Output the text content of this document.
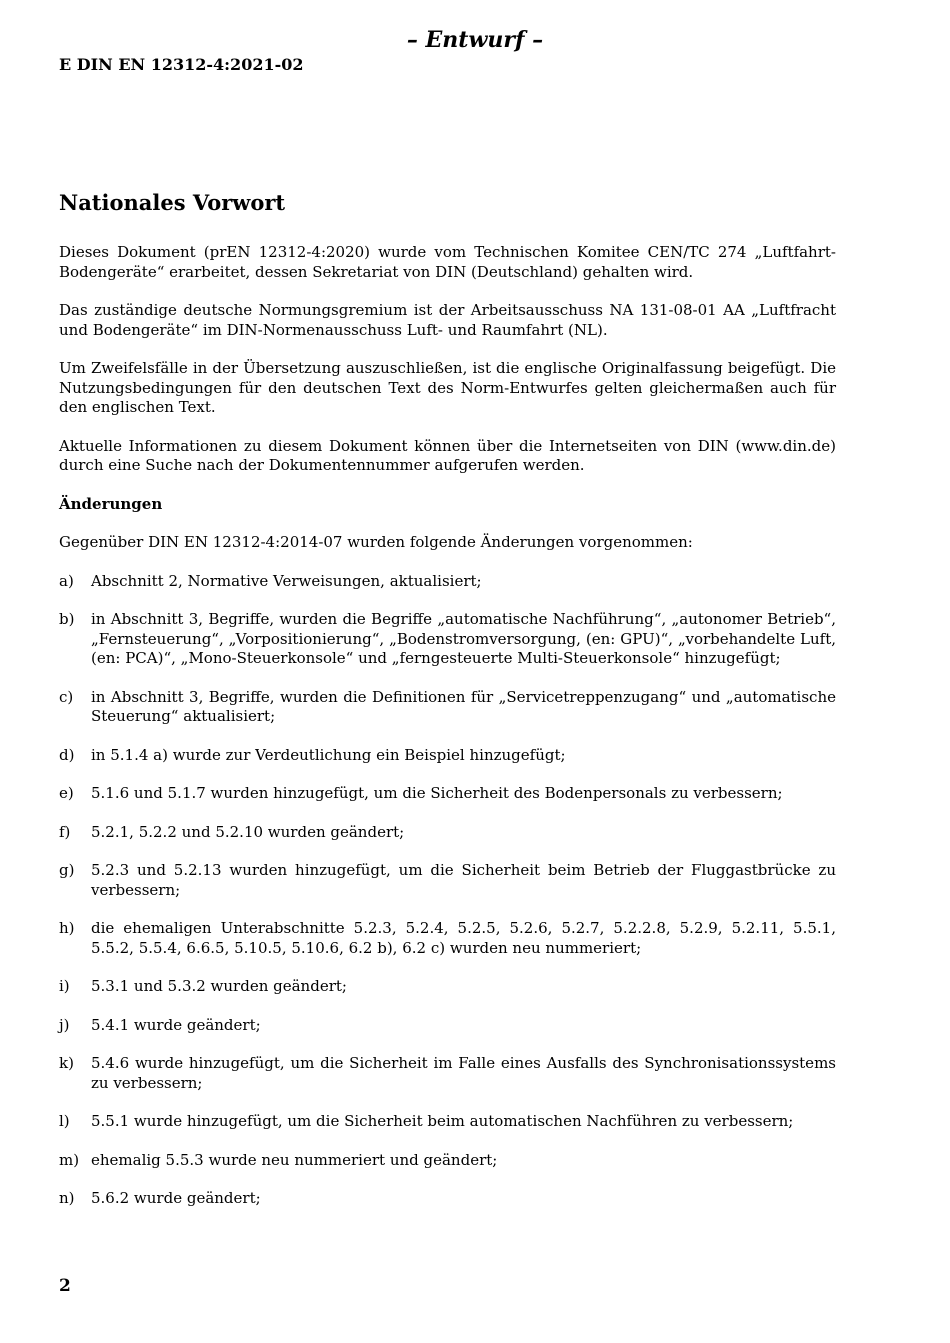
– Entwurf –
E DIN EN 12312-4:2021-02
Nationales Vorwort

Dieses Dokument (prEN 12312-4:2020) wurde vom Technischen Komitee CEN/TC 274 „Luftfahrt-Bodengeräte“ erarbeitet, dessen Sekretariat von DIN (Deutschland) gehalten wird.

Das zuständige deutsche Normungsgremium ist der Arbeitsausschuss NA 131-08-01 AA „Luftfracht und Bodengeräte“ im DIN-Normenausschuss Luft- und Raumfahrt (NL).

Um Zweifelsfälle in der Übersetzung auszuschließen, ist die englische Originalfassung beigefügt. Die Nutzungsbedingungen für den deutschen Text des Norm-Entwurfes gelten gleichermaßen auch für den englischen Text.

Aktuelle Informationen zu diesem Dokument können über die Internetseiten von DIN (www.din.de) durch eine Suche nach der Dokumentennummer aufgerufen werden.

Änderungen

Gegenüber DIN EN 12312-4:2014-07 wurden folgende Änderungen vorgenommen:

a)	Abschnitt 2, Normative Verweisungen, aktualisiert;
b)	in Abschnitt 3, Begriffe, wurden die Begriffe „automatische Nachführung“, „autonomer Betrieb“, „Fernsteuerung“, „Vorpositionierung“, „Bodenstromversorgung, (en: GPU)“, „vorbehandelte Luft, (en: PCA)“, „Mono-Steuerkonsole“ und „ferngesteuerte Multi-Steuerkonsole“ hinzugefügt;
c)	in Abschnitt 3, Begriffe, wurden die Definitionen für „Servicetreppenzugang“ und „automatische Steuerung“ aktualisiert;
d)	in 5.1.4 a) wurde zur Verdeutlichung ein Beispiel hinzugefügt;
e)	5.1.6 und 5.1.7 wurden hinzugefügt, um die Sicherheit des Bodenpersonals zu verbessern;
f)	5.2.1, 5.2.2 und 5.2.10 wurden geändert;
g)	5.2.3 und 5.2.13 wurden hinzugefügt, um die Sicherheit beim Betrieb der Fluggastbrücke zu verbessern;
h)	die ehemaligen Unterabschnitte 5.2.3, 5.2.4, 5.2.5, 5.2.6, 5.2.7, 5.2.2.8, 5.2.9, 5.2.11, 5.5.1, 5.5.2, 5.5.4, 6.6.5, 5.10.5, 5.10.6, 6.2 b), 6.2 c) wurden neu nummeriert;
i)	5.3.1 und 5.3.2 wurden geändert;
j)	5.4.1 wurde geändert;
k)	5.4.6 wurde hinzugefügt, um die Sicherheit im Falle eines Ausfalls des Synchronisationssystems zu verbessern;
l)	5.5.1 wurde hinzugefügt, um die Sicherheit beim automatischen Nachführen zu verbessern;
m) ehemalig 5.5.3 wurde neu nummeriert und geändert;
n)	5.6.2 wurde geändert;
2
